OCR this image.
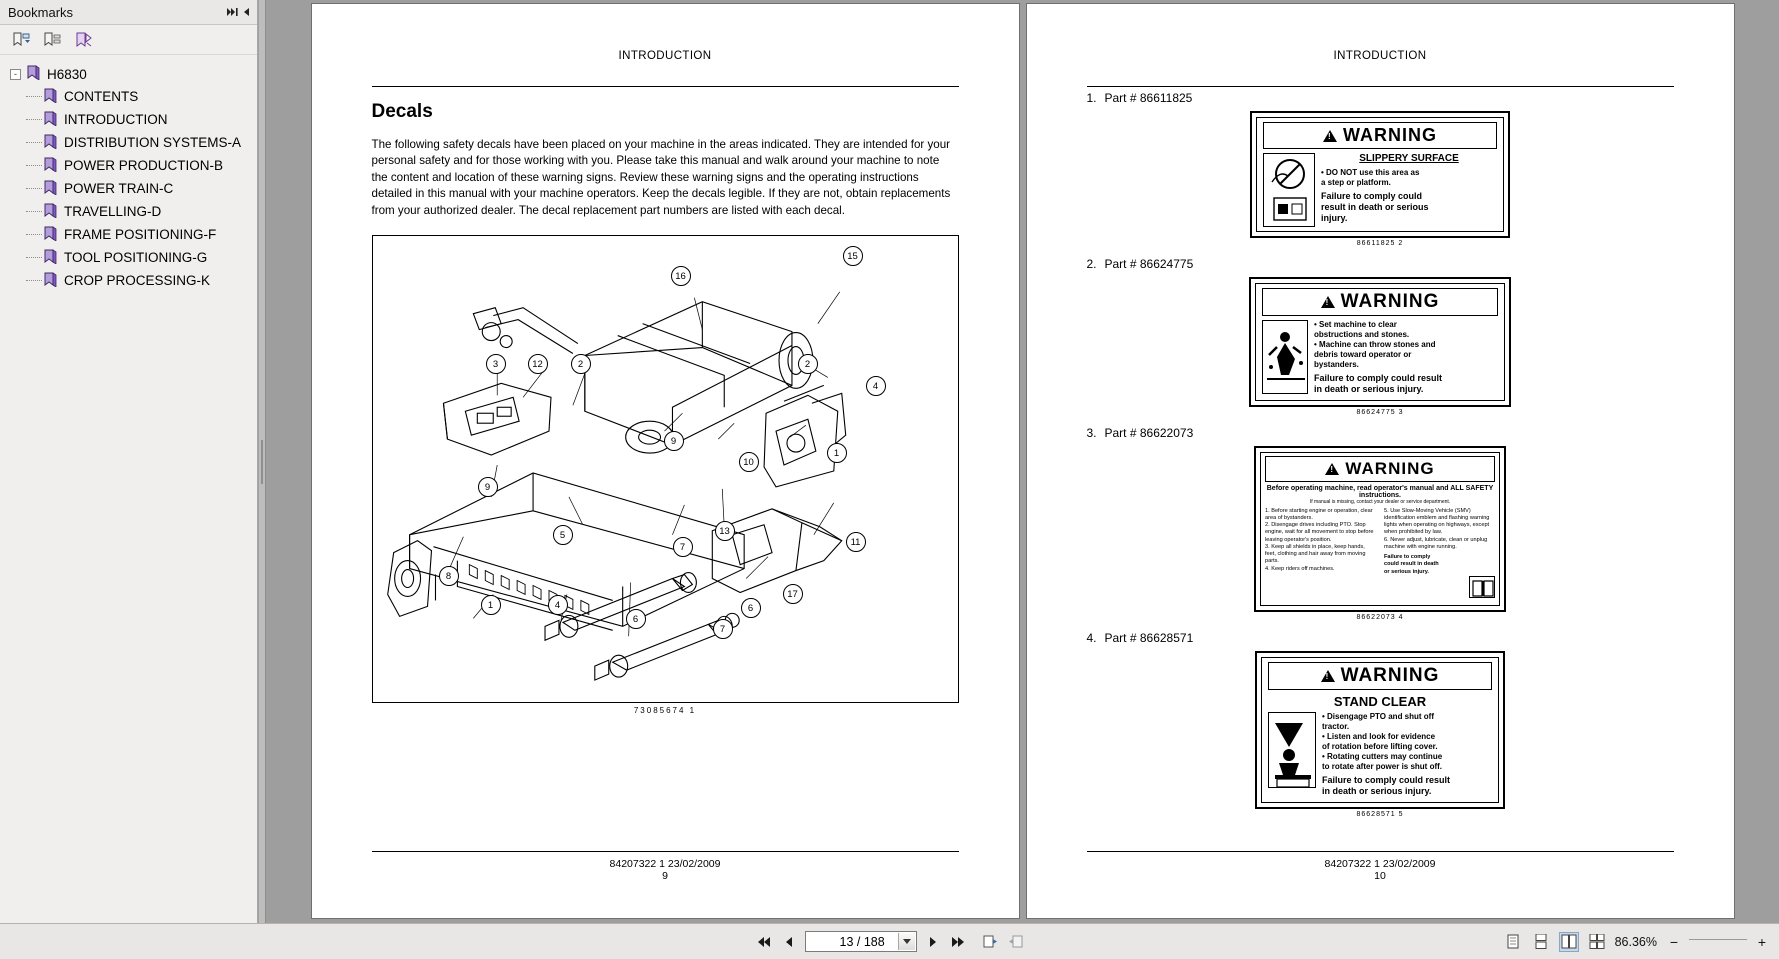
Bookmarks
- H6830
CONTENTS
INTRODUCTION
DISTRIBUTION SYSTEMS-A
POWER PRODUCTION-B
POWER TRAIN-C
TRAVELLING-D
FRAME POSITIONING-F
TOOL POSITIONING-G
CROP PROCESSING-K
INTRODUCTION
Decals

The following safety decals have been placed on your machine in the areas indicated. They are intended for your personal safety and for those working with you. Please take this manual and walk around your machine to note the content and location of these warning signs. Review these warning signs and the operating instructions detailed in this manual with your machine operators. Keep the decals legible. If they are not, obtain replacements from your authorized dealer. The decal replacement part numbers are listed with each decal.

15
16
3	12	2	2
4
9
10
1
9
5	13
7	11
8
1	4
6
6
7
17
73085674 1
84207322 1 23/02/2009
9
INTRODUCTION
1. Part # 86611825
!WARNING
SLIPPERY SURFACE
• DO NOT use this area as
a step or platform.
Failure to comply could
result in death or serious
injury.
86611825 2
2. Part # 86624775
!WARNING
• Set machine to clear
obstructions and stones.
• Machine can throw stones and
debris toward operator or
bystanders.
Failure to comply could result
in death or serious injury.
86624775 3
3. Part # 86622073
!WARNING
Before operating machine, read operator's manual and ALL SAFETY instructions.
If manual is missing, contact your dealer or service department.
1. Before starting engine or operation, clear area of bystanders.
2. Disengage drives including PTO. Stop engine, wait for all movement to stop before leaving operator's position.
3. Keep all shields in place, keep hands, feet, clothing and hair away from moving parts.
4. Keep riders off machines.
5. Use Slow-Moving Vehicle (SMV) identification emblem and flashing warning lights when operating on highways, except when prohibited by law.
6. Never adjust, lubricate, clean or unplug machine with engine running.
Failure to comply
could result in death
or serious injury.
86622073 4
4. Part # 86628571
!WARNING
STAND CLEAR
• Disengage PTO and shut off
tractor.
• Listen and look for evidence
of rotation before lifting cover.
• Rotating cutters may continue
to rotate after power is shut off.
Failure to comply could result
in death or serious injury.
86628571 5
84207322 1 23/02/2009
10
13 / 188	86.36% −	+
